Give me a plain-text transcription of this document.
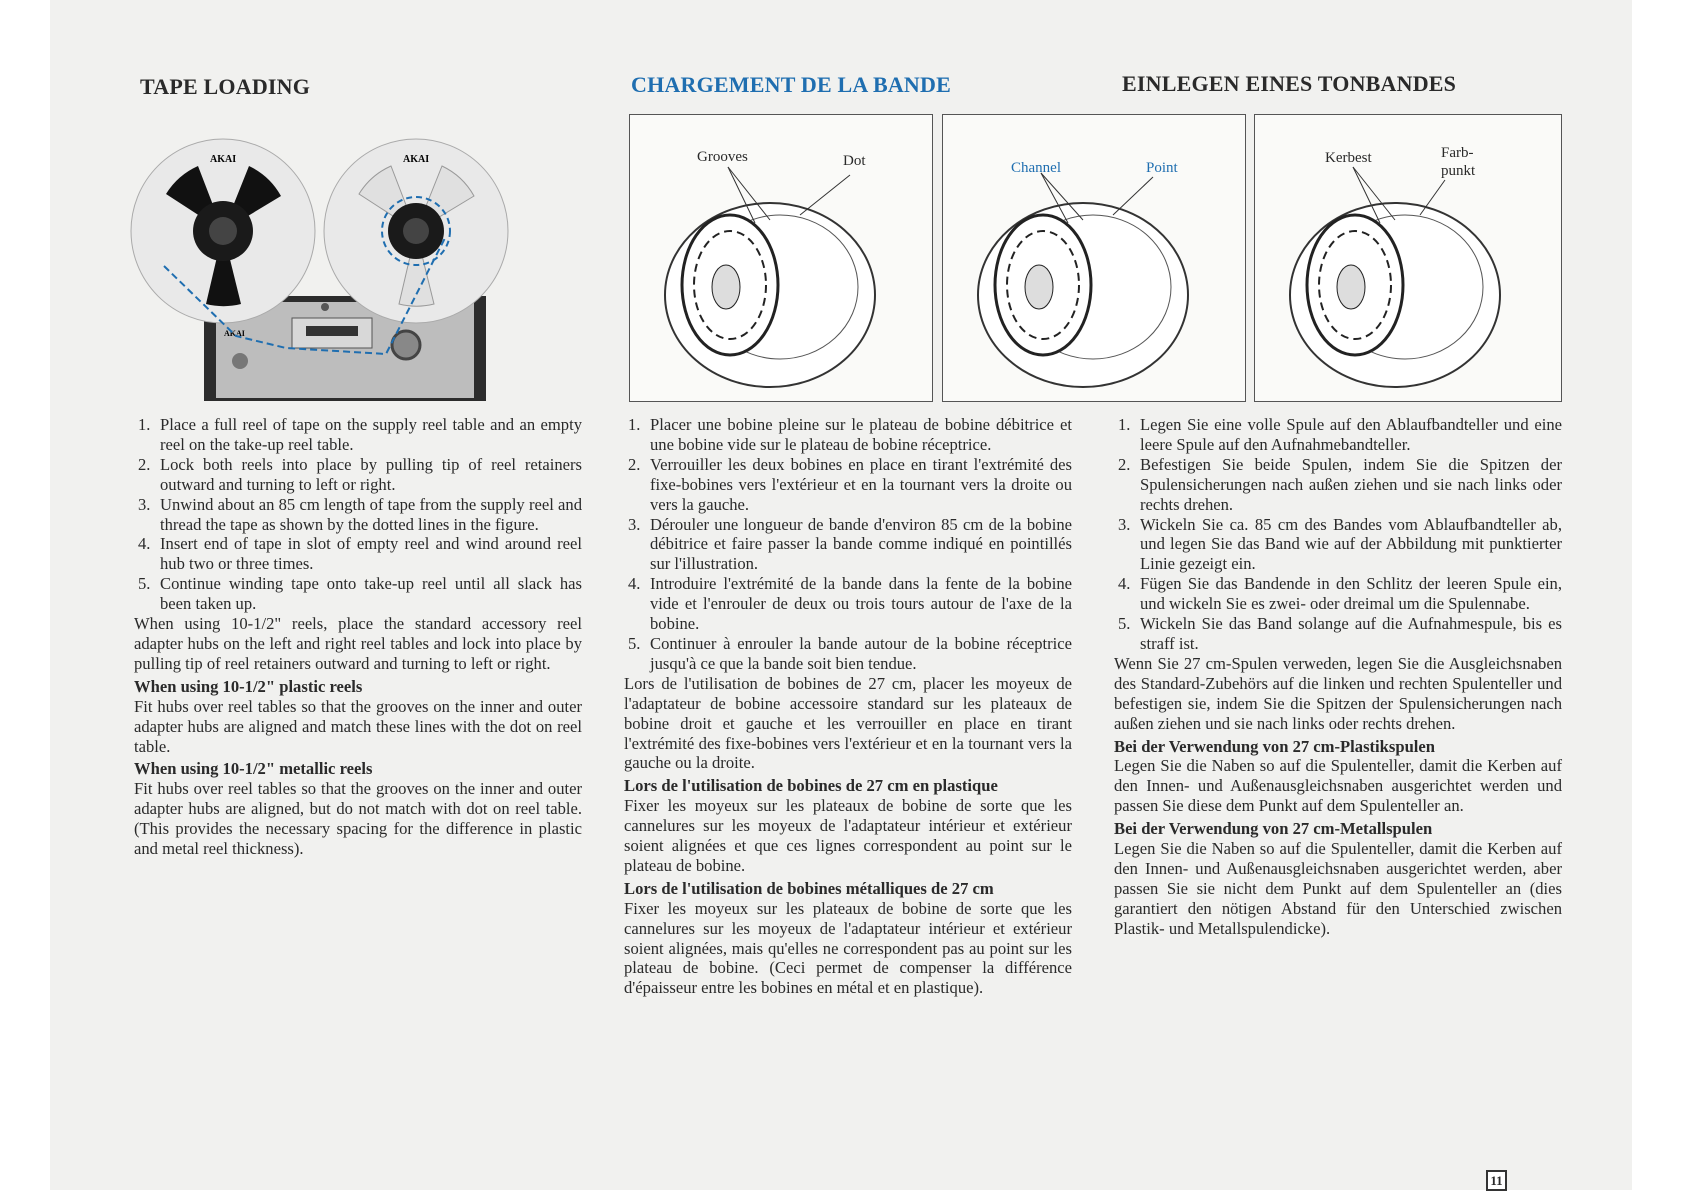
TAPE LOADING	CHARGEMENT DE LA BANDE	EINLEGEN EINES TONBANDES
AKAI
AKAI	AKAI	Grooves	Dot	Channel	Point
Kerbest	Farb-
punkt
1. Place a full reel of tape on the supply reel table and an empty reel on the take-up reel table.
2. Lock both reels into place by pulling tip of reel retainers outward and turning to left or right.
3. Unwind about an 85 cm length of tape from the supply reel and thread the tape as shown by the dotted lines in the figure.
4. Insert end of tape in slot of empty reel and wind around reel hub two or three times.
5. Continue winding tape onto take-up reel until all slack has been taken up.

When using 10-1/2" reels, place the standard accessory reel adapter hubs on the left and right reel tables and lock into place by pulling tip of reel retainers outward and turning to left or right.

When using 10-1/2" plastic reels

Fit hubs over reel tables so that the grooves on the inner and outer adapter hubs are aligned and match these lines with the dot on reel table.

When using 10-1/2" metallic reels

Fit hubs over reel tables so that the grooves on the inner and outer adapter hubs are aligned, but do not match with dot on reel table. (This provides the necessary spacing for the difference in plastic and metal reel thickness).

1. Placer une bobine pleine sur le plateau de bobine débitrice et une bobine vide sur le plateau de bobine réceptrice.
2. Verrouiller les deux bobines en place en tirant l'extrémité des fixe-bobines vers l'extérieur et en la tournant vers la droite ou vers la gauche.
3. Dérouler une longueur de bande d'environ 85 cm de la bobine débitrice et faire passer la bande comme indiqué en pointillés sur l'illustration.
4. Introduire l'extrémité de la bande dans la fente de la bobine vide et l'enrouler de deux ou trois tours autour de l'axe de la bobine.
5. Continuer à enrouler la bande autour de la bobine réceptrice jusqu'à ce que la bande soit bien tendue.

Lors de l'utilisation de bobines de 27 cm, placer les moyeux de l'adaptateur de bobine accessoire standard sur les plateaux de bobine droit et gauche et les verrouiller en place en tirant l'extrémité des fixe-bobines vers l'extérieur et en la tournant vers la gauche ou la droite.

Lors de l'utilisation de bobines de 27 cm en plastique

Fixer les moyeux sur les plateaux de bobine de sorte que les cannelures sur les moyeux de l'adaptateur intérieur et extérieur soient alignées et que ces lignes correspondent au point sur le plateau de bobine.

Lors de l'utilisation de bobines métalliques de 27 cm

Fixer les moyeux sur les plateaux de bobine de sorte que les cannelures sur les moyeux de l'adaptateur intérieur et extérieur soient alignées, mais qu'elles ne correspondent pas au point sur les plateau de bobine. (Ceci permet de compenser la différence d'épaisseur entre les bobines en métal et en plastique).

1. Legen Sie eine volle Spule auf den Ablaufbandteller und eine leere Spule auf den Aufnahmebandteller.
2. Befestigen Sie beide Spulen, indem Sie die Spitzen der Spulensicherungen nach außen ziehen und sie nach links oder rechts drehen.
3. Wickeln Sie ca. 85 cm des Bandes vom Ablaufbandteller ab, und legen Sie das Band wie auf der Abbildung mit punktierter Linie gezeigt ein.
4. Fügen Sie das Bandende in den Schlitz der leeren Spule ein, und wickeln Sie es zwei- oder dreimal um die Spulennabe.
5. Wickeln Sie das Band solange auf die Aufnahmespule, bis es straff ist.

Wenn Sie 27 cm-Spulen verweden, legen Sie die Ausgleichsnaben des Standard-Zubehörs auf die linken und rechten Spulenteller und befestigen sie, indem Sie die Spitzen der Spulensicherungen nach außen ziehen und sie nach links oder rechts drehen.

Bei der Verwendung von 27 cm-Plastikspulen

Legen Sie die Naben so auf die Spulenteller, damit die Kerben auf den Innen- und Außenausgleichsnaben ausgerichtet werden und passen Sie diese dem Punkt auf dem Spulenteller an.

Bei der Verwendung von 27 cm-Metallspulen

Legen Sie die Naben so auf die Spulenteller, damit die Kerben auf den Innen- und Außenausgleichsnaben ausgerichtet werden, aber passen Sie sie nicht dem Punkt auf dem Spulenteller an (dies garantiert den nötigen Abstand für den Unterschied zwischen Plastik- und Metallspulendicke).

11
